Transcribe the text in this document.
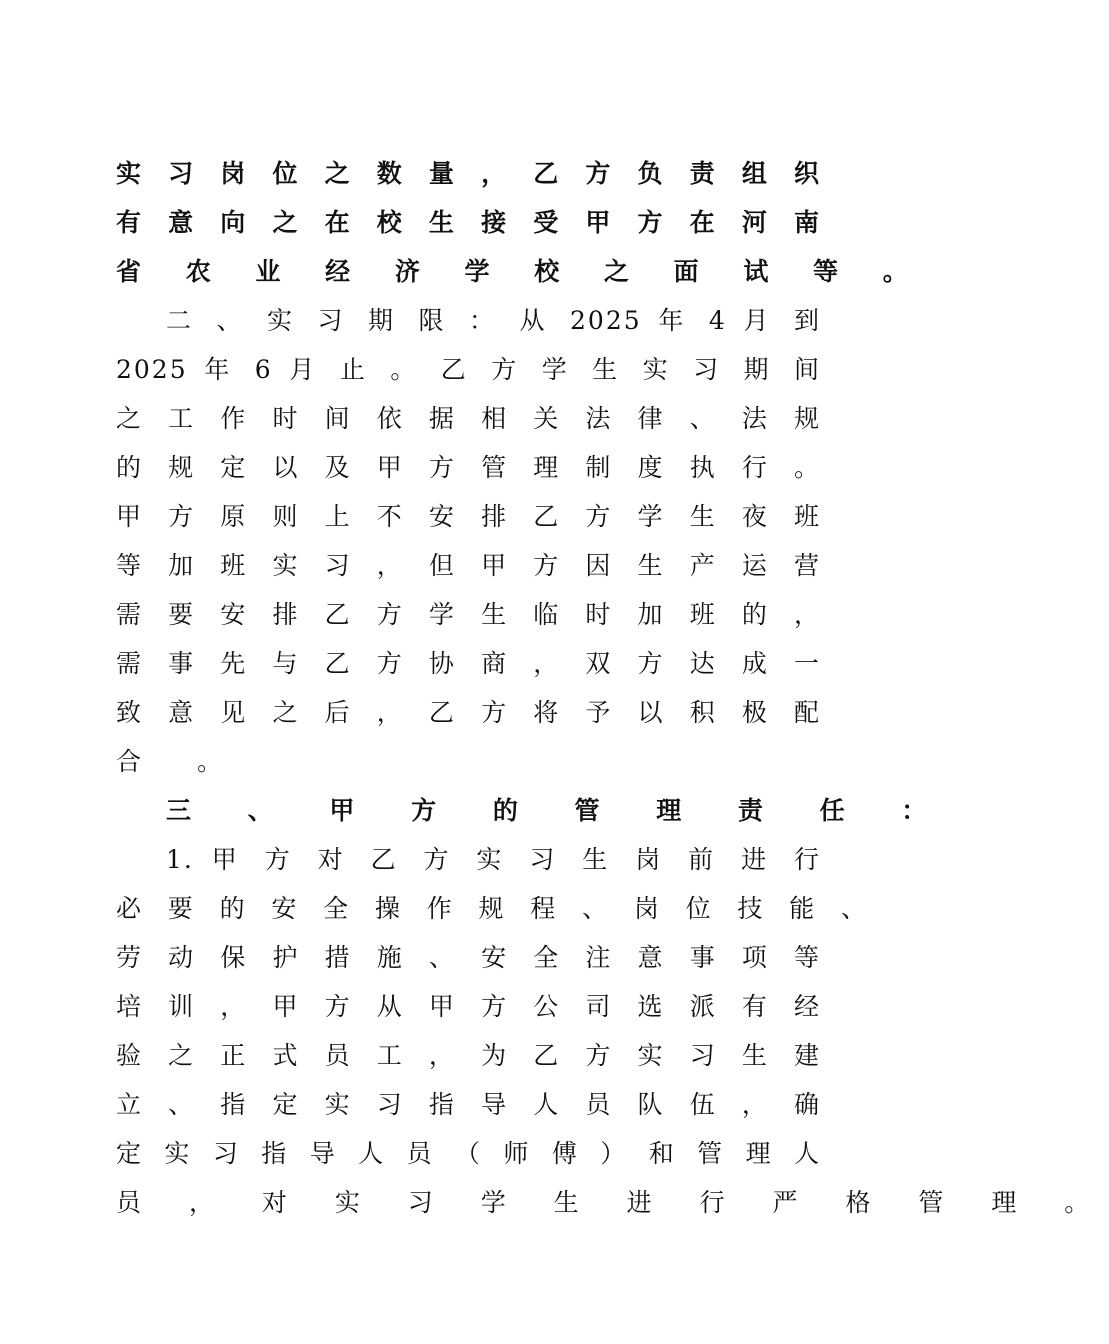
实 习 岗 位 之 数 量 ， 乙 方 负 责 组 织
有 意 向 之 在 校 生 接 受 甲 方 在 河 南
省 农 业 经 济 学 校 之 面 试 等 。
二 、 实 习 期 限 ： 从 2025 年 4 月 到
2025 年 6 月 止 。 乙 方 学 生 实 习 期 间
之 工 作 时 间 依 据 相 关 法 律 、 法 规
的 规 定 以 及 甲 方 管 理 制 度 执 行 。
甲 方 原 则 上 不 安 排 乙 方 学 生 夜 班
等 加 班 实 习 ， 但 甲 方 因 生 产 运 营
需 要 安 排 乙 方 学 生 临 时 加 班 的 ，
需 事 先 与 乙 方 协 商 ， 双 方 达 成 一
致 意 见 之 后 ， 乙 方 将 予 以 积 极 配
合 。
三 、 甲 方 的 管 理 责 任 ：
1. 甲 方 对 乙 方 实 习 生 岗 前 进 行
必 要 的 安 全 操 作 规 程 、 岗 位 技 能 、
劳 动 保 护 措 施 、 安 全 注 意 事 项 等
培 训 ， 甲 方 从 甲 方 公 司 选 派 有 经
验 之 正 式 员 工 ， 为 乙 方 实 习 生 建
立 、 指 定 实 习 指 导 人 员 队 伍 ， 确
定 实 习 指 导 人 员 （ 师 傅 ） 和 管 理 人
员 ， 对 实 习 学 生 进 行 严 格 管 理 。
